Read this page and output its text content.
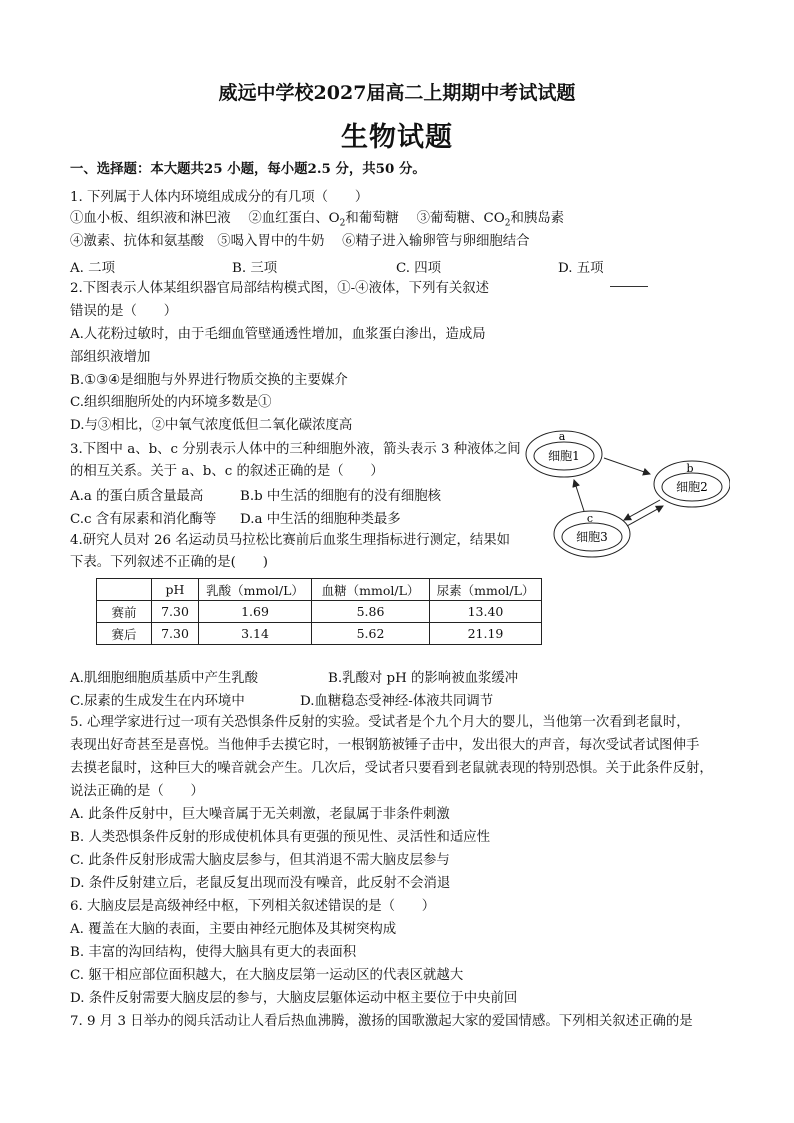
威远中学校2027届高二上期期中考试试题
生物试题
一、选择题：本大题共25 小题，每小题2.5 分，共50 分。
1. 下列属于人体内环境组成成分的有几项（　　）
①血小板、组织液和淋巴液　 ②血红蛋白、$O_2$和葡萄糖　 ③葡萄糖、$CO_2$和胰岛素
④激素、抗体和氨基酸　⑤喝入胃中的牛奶　 ⑥精子进入输卵管与卵细胞结合
A. 二项	B. 三项	C. 四项	D. 五项
2.下图表示人体某组织器官局部结构模式图，①-④液体，下列有关叙述
错误的是（　　）
A.人花粉过敏时，由于毛细血管壁通透性增加，血浆蛋白渗出，造成局
部组织液增加
B.①③④是细胞与外界进行物质交换的主要媒介
C.组织细胞所处的内环境多数是①
D.与③相比，②中氧气浓度低但二氧化碳浓度高
3.下图中 a、b、c 分别表示人体中的三种细胞外液，箭头表示 3 种液体之间
的相互关系。关于 a、b、c 的叙述正确的是（　　）
A.a 的蛋白质含量最高	B.b 中生活的细胞有的没有细胞核
C.c 含有尿素和消化酶等 D.a 中生活的细胞种类最多
a
细胞1
b
细胞2
c
细胞3
4.研究人员对 26 名运动员马拉松比赛前后血浆生理指标进行测定，结果如
下表。下列叙述不正确的是(　　)
	pH	乳酸（mmol/L）	血糖（mmol/L）	尿素（mmol/L）
赛前	7.30	1.69	5.86	13.40
赛后	7.30	3.14	5.62	21.19
A.肌细胞细胞质基质中产生乳酸	B.乳酸对 pH 的影响被血浆缓冲
C.尿素的生成发生在内环境中	D.血糖稳态受神经-体液共同调节
5. 心理学家进行过一项有关恐惧条件反射的实验。受试者是个九个月大的婴儿，当他第一次看到老鼠时，
表现出好奇甚至是喜悦。当他伸手去摸它时，一根钢筋被锤子击中，发出很大的声音，每次受试者试图伸手
去摸老鼠时，这种巨大的噪音就会产生。几次后，受试者只要看到老鼠就表现的特别恐惧。关于此条件反射，
说法正确的是（　　）
A. 此条件反射中，巨大噪音属于无关刺激，老鼠属于非条件刺激
B. 人类恐惧条件反射的形成使机体具有更强的预见性、灵活性和适应性
C. 此条件反射形成需大脑皮层参与，但其消退不需大脑皮层参与
D. 条件反射建立后，老鼠反复出现而没有噪音，此反射不会消退
6. 大脑皮层是高级神经中枢，下列相关叙述错误的是（　　）
A. 覆盖在大脑的表面，主要由神经元胞体及其树突构成
B. 丰富的沟回结构，使得大脑具有更大的表面积
C. 躯干相应部位面积越大，在大脑皮层第一运动区的代表区就越大
D. 条件反射需要大脑皮层的参与，大脑皮层躯体运动中枢主要位于中央前回
7. 9 月 3 日举办的阅兵活动让人看后热血沸腾，激扬的国歌激起大家的爱国情感。下列相关叙述正确的是
